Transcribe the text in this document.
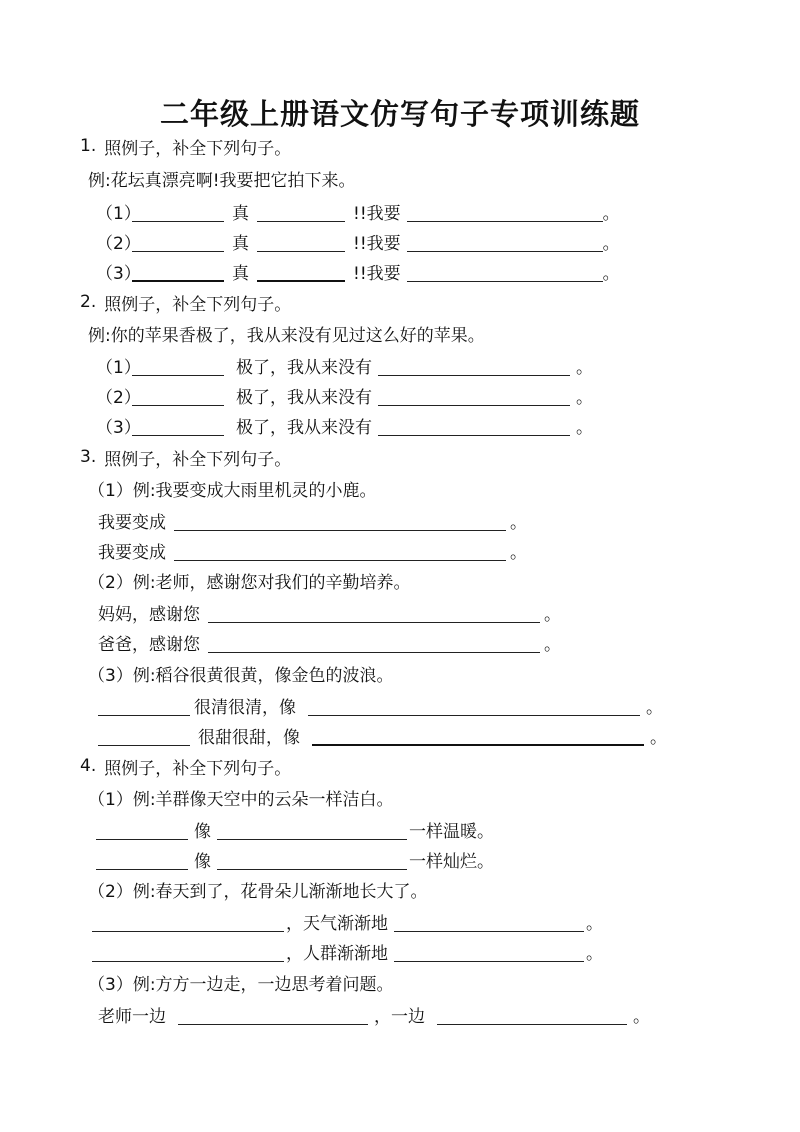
二年级上册语文仿写句子专项训练题
1. 照例子，补全下列句子。
例:花坛真漂亮啊!我要把它拍下来。
（1）	真	!!我要	。
（2）	真	!!我要	。
（3）	真	!!我要	。
2. 照例子，补全下列句子。
例:你的苹果香极了，我从来没有见过这么好的苹果。
（1）	极了，我从来没有	。
（2）	极了，我从来没有	。
（3）	极了，我从来没有	。
3. 照例子，补全下列句子。
（1）例:我要变成大雨里机灵的小鹿。
我要变成	。
我要变成	。
（2）例:老师，感谢您对我们的辛勤培养。
妈妈，感谢您	。
爸爸，感谢您	。
（3）例:稻谷很黄很黄，像金色的波浪。
很清很清，像	。
很甜很甜，像	。
4. 照例子，补全下列句子。
（1）例:羊群像天空中的云朵一样洁白。
像	一样温暖。
像	一样灿烂。
（2）例:春天到了，花骨朵儿渐渐地长大了。
，天气渐渐地	。
，人群渐渐地	。
（3）例:方方一边走，一边思考着问题。
老师一边	，一边	。
